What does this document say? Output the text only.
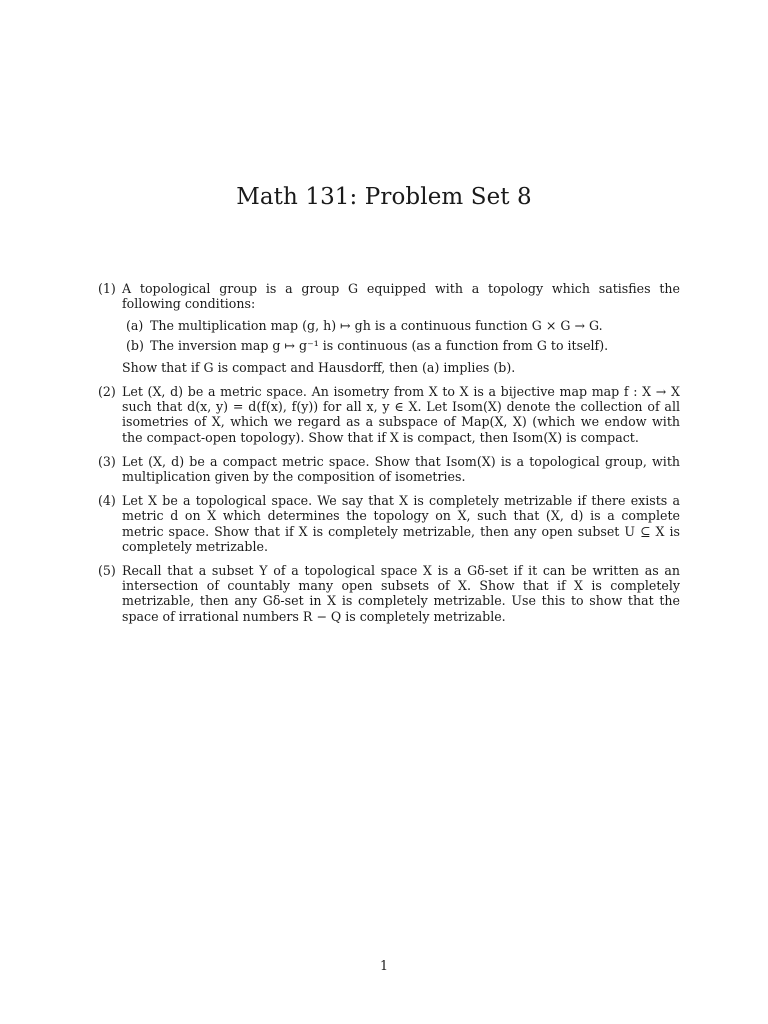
Math 131: Problem Set 8
(1) A topological group is a group G equipped with a topology which satisfies the following conditions:

(a) The multiplication map (g, h) ↦ gh is a continuous function G × G → G.
(b) The inversion map g ↦ g⁻¹ is continuous (as a function from G to itself).

Show that if G is compact and Hausdorff, then (a) implies (b).

(2) Let (X, d) be a metric space. An isometry from X to X is a bijective map map f : X → X such that d(x, y) = d(f(x), f(y)) for all x, y ∈ X. Let Isom(X) denote the collection of all isometries of X, which we regard as a subspace of Map(X, X) (which we endow with the compact-open topology). Show that if X is compact, then Isom(X) is compact.

(3) Let (X, d) be a compact metric space. Show that Isom(X) is a topological group, with multiplication given by the composition of isometries.

(4) Let X be a topological space. We say that X is completely metrizable if there exists a metric d on X which determines the topology on X, such that (X, d) is a complete metric space. Show that if X is completely metrizable, then any open subset U ⊆ X is completely metrizable.

(5) Recall that a subset Y of a topological space X is a Gδ-set if it can be written as an intersection of countably many open subsets of X. Show that if X is completely metrizable, then any Gδ-set in X is completely metrizable. Use this to show that the space of irrational numbers R − Q is completely metrizable.

1
